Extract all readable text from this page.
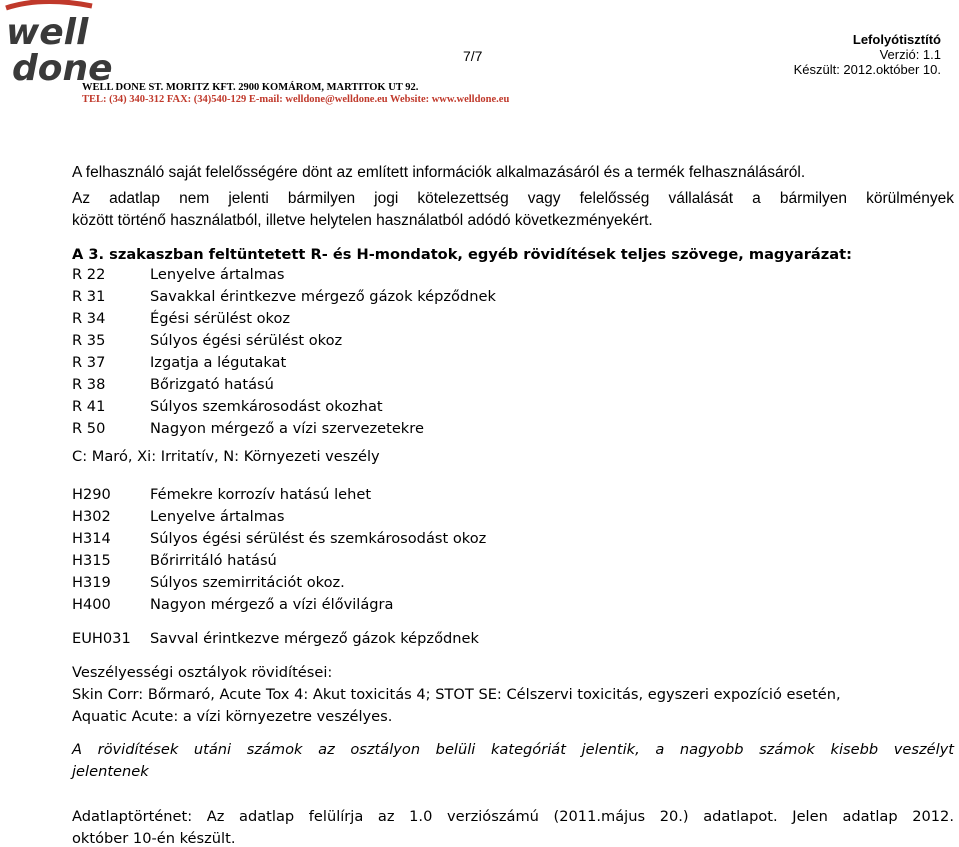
well
done
WELL DONE ST. MORITZ KFT. 2900 KOMÁROM, MARTITOK UT 92.
TEL: (34) 340-312 FAX: (34)540-129 E-mail: welldone@welldone.eu Website: www.welldone.eu
7/7
Lefolyótisztító
Verzió: 1.1
Készült: 2012.október 10.
A felhasználó saját felelősségére dönt az említett információk alkalmazásáról és a termék felhasználásáról.
Az adatlap nem jelenti bármilyen jogi kötelezettség vagy felelősség vállalását a bármilyen körülmények
között történő használatból, illetve helytelen használatból adódó következményekért.
A 3. szakaszban feltüntetett R- és H-mondatok, egyéb rövidítések teljes szövege, magyarázat:
R 22	Lenyelve ártalmas
R 31	Savakkal érintkezve mérgező gázok képződnek
R 34	Égési sérülést okoz
R 35	Súlyos égési sérülést okoz
R 37	Izgatja a légutakat
R 38	Bőrizgató hatású
R 41	Súlyos szemkárosodást okozhat
R 50	Nagyon mérgező a vízi szervezetekre
C: Maró, Xi: Irritatív, N: Környezeti veszély
H290	Fémekre korrozív hatású lehet
H302	Lenyelve ártalmas
H314	Súlyos égési sérülést és szemkárosodást okoz
H315	Bőrirritáló hatású
H319	Súlyos szemirritációt okoz.
H400	Nagyon mérgező a vízi élővilágra
EUH031 Savval érintkezve mérgező gázok képződnek
Veszélyességi osztályok rövidítései:
Skin Corr: Bőrmaró, Acute Tox 4: Akut toxicitás 4; STOT SE: Célszervi toxicitás, egyszeri expozíció esetén,
Aquatic Acute: a vízi környezetre veszélyes.
A rövidítések utáni számok az osztályon belüli kategóriát jelentik, a nagyobb számok kisebb veszélyt
jelentenek
Adatlaptörténet: Az adatlap felülírja az 1.0 verziószámú (2011.május 20.) adatlapot. Jelen adatlap 2012.
október 10-én készült.
